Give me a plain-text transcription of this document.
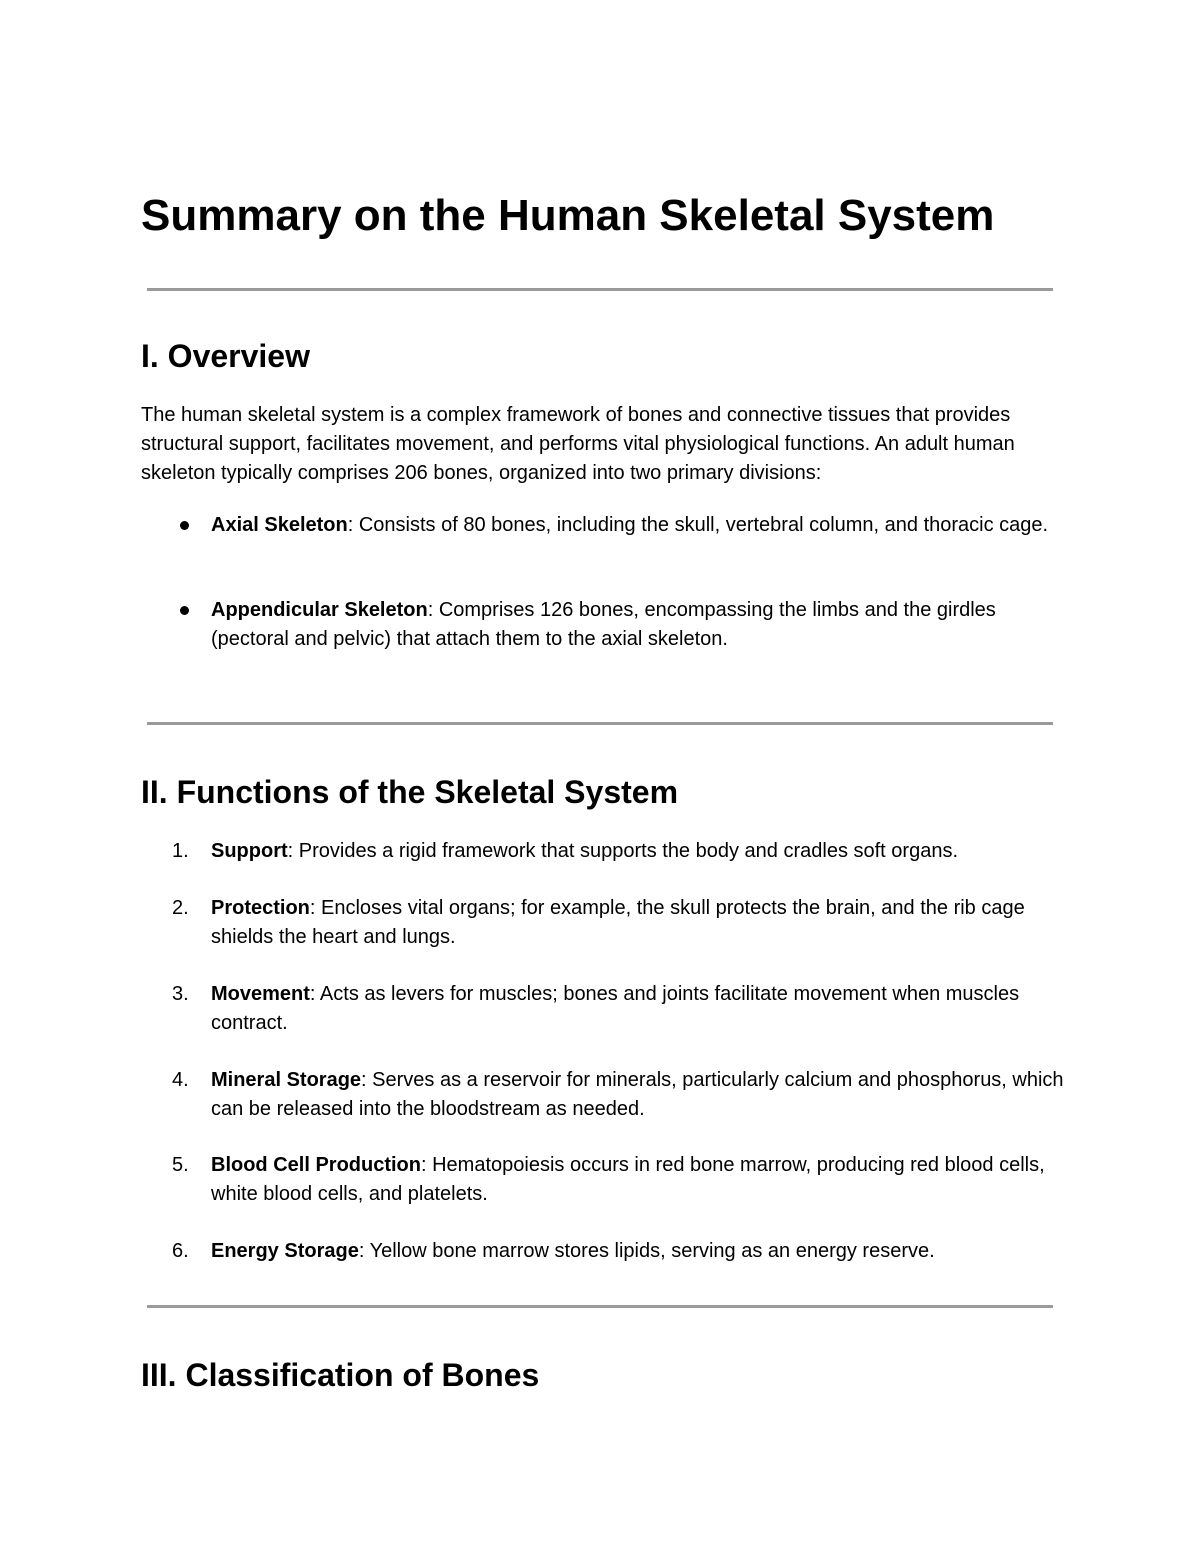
Summary on the Human Skeletal System
I. Overview

The human skeletal system is a complex framework of bones and connective tissues that provides structural support, facilitates movement, and performs vital physiological functions. An adult human skeleton typically comprises 206 bones, organized into two primary divisions:

Axial Skeleton: Consists of 80 bones, including the skull, vertebral column, and thoracic cage.

Appendicular Skeleton: Comprises 126 bones, encompassing the limbs and the girdles (pectoral and pelvic) that attach them to the axial skeleton.

II. Functions of the Skeletal System
1.	Support: Provides a rigid framework that supports the body and cradles soft organs.

2.	Protection: Encloses vital organs; for example, the skull protects the brain, and the rib cage shields the heart and lungs.

3.	Movement: Acts as levers for muscles; bones and joints facilitate movement when muscles contract.

4.	Mineral Storage: Serves as a reservoir for minerals, particularly calcium and phosphorus, which can be released into the bloodstream as needed.

5.	Blood Cell Production: Hematopoiesis occurs in red bone marrow, producing red blood cells, white blood cells, and platelets.

6.	Energy Storage: Yellow bone marrow stores lipids, serving as an energy reserve.

III. Classification of Bones
